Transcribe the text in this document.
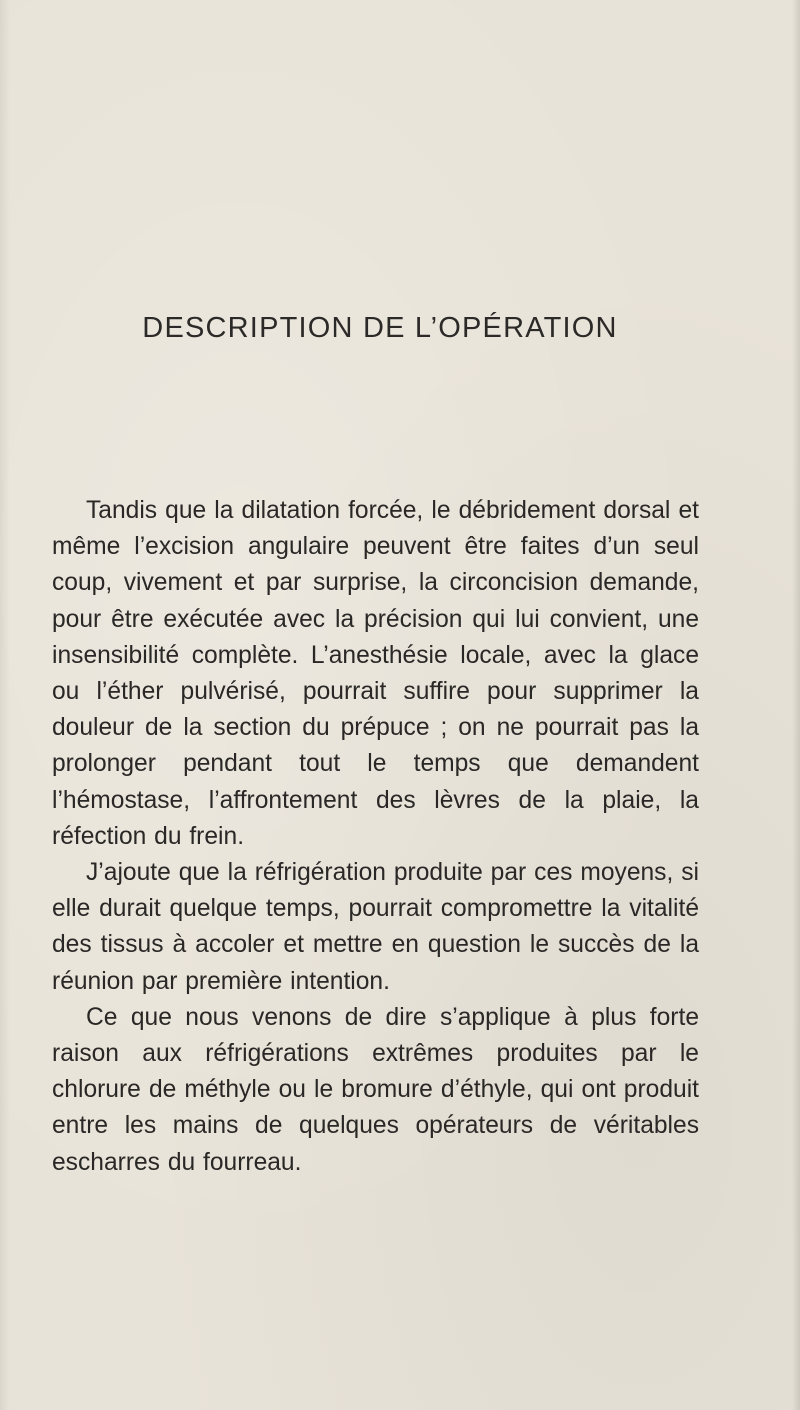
DESCRIPTION DE L’OPÉRATION

Tandis que la dilatation forcée, le débridement dorsal et même l’excision angulaire peuvent être faites d’un seul coup, vivement et par surprise, la circoncision demande, pour être exécutée avec la précision qui lui convient, une insensibilité complète. L’anesthésie locale, avec la glace ou l’éther pulvérisé, pourrait suffire pour supprimer la douleur de la section du prépuce ; on ne pourrait pas la prolonger pendant tout le temps que demandent l’hémostase, l’affrontement des lèvres de la plaie, la réfection du frein.

J’ajoute que la réfrigération produite par ces moyens, si elle durait quelque temps, pourrait compromettre la vitalité des tissus à accoler et mettre en question le succès de la réunion par première intention.

Ce que nous venons de dire s’applique à plus forte raison aux réfrigérations extrêmes produites par le chlorure de méthyle ou le bromure d’éthyle, qui ont produit entre les mains de quelques opérateurs de véritables escharres du fourreau.
